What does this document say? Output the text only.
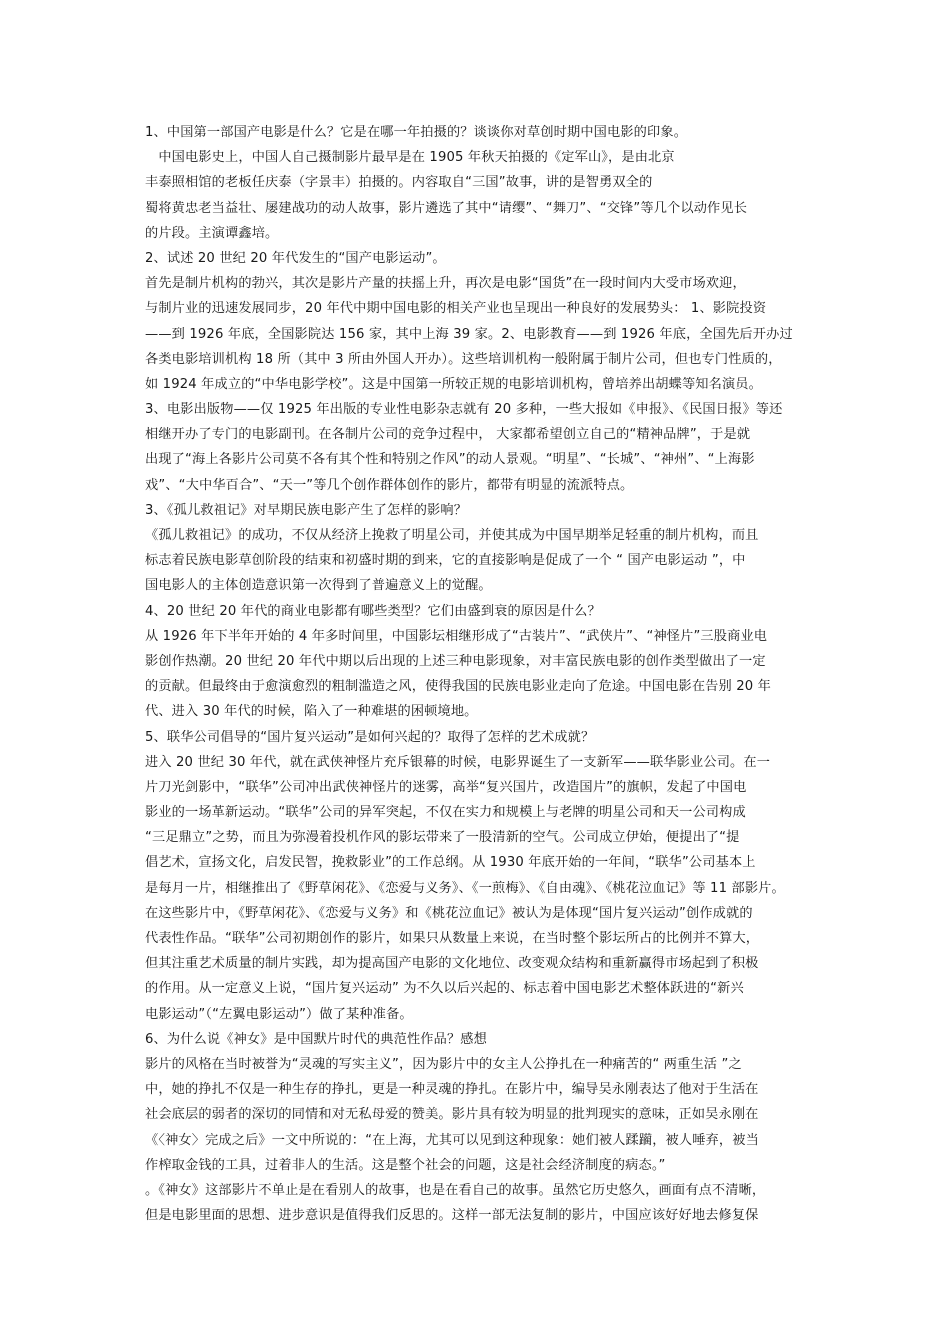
1、中国第一部国产电影是什么？它是在哪一年拍摄的？谈谈你对草创时期中国电影的印象。
　中国电影史上，中国人自己摄制影片最早是在 1905 年秋天拍摄的《定军山》，是由北京
丰泰照相馆的老板任庆泰（字景丰）拍摄的。内容取自“三国”故事，讲的是智勇双全的
蜀将黄忠老当益壮、屡建战功的动人故事，影片遴选了其中“请缨”、“舞刀”、“交锋”等几个以动作见长
的片段。主演谭鑫培。
2、试述 20 世纪 20 年代发生的“国产电影运动”。
首先是制片机构的勃兴，其次是影片产量的扶摇上升，再次是电影“国货”在一段时间内大受市场欢迎，
与制片业的迅速发展同步，20 年代中期中国电影的相关产业也呈现出一种良好的发展势头： 1、影院投资
——到 1926 年底，全国影院达 156 家，其中上海 39 家。2、电影教育——到 1926 年底，全国先后开办过
各类电影培训机构 18 所（其中 3 所由外国人开办）。这些培训机构一般附属于制片公司，但也专门性质的，
如 1924 年成立的“中华电影学校”。这是中国第一所较正规的电影培训机构，曾培养出胡蝶等知名演员。
3、电影出版物——仅 1925 年出版的专业性电影杂志就有 20 多种，一些大报如《申报》、《民国日报》等还
相继开办了专门的电影副刊。在各制片公司的竞争过程中， 大家都希望创立自己的“精神品牌”，于是就
出现了“海上各影片公司莫不各有其个性和特别之作风”的动人景观。“明星”、“长城”、“神州”、“上海影
戏”、“大中华百合”、“天一”等几个创作群体创作的影片，都带有明显的流派特点。
3、《孤儿救祖记》对早期民族电影产生了怎样的影响？
《孤儿救祖记》的成功，不仅从经济上挽救了明星公司，并使其成为中国早期举足轻重的制片机构，而且
标志着民族电影草创阶段的结束和初盛时期的到来，它的直接影响是促成了一个 “ 国产电影运动 ”，中
国电影人的主体创造意识第一次得到了普遍意义上的觉醒。
4、20 世纪 20 年代的商业电影都有哪些类型？它们由盛到衰的原因是什么？
从 1926 年下半年开始的 4 年多时间里，中国影坛相继形成了“古装片”、“武侠片”、“神怪片”三股商业电
影创作热潮。20 世纪 20 年代中期以后出现的上述三种电影现象，对丰富民族电影的创作类型做出了一定
的贡献。但最终由于愈演愈烈的粗制滥造之风，使得我国的民族电影业走向了危途。中国电影在告别 20 年
代、进入 30 年代的时候，陷入了一种难堪的困顿境地。
5、联华公司倡导的“国片复兴运动”是如何兴起的？取得了怎样的艺术成就？
进入 20 世纪 30 年代，就在武侠神怪片充斥银幕的时候，电影界诞生了一支新军——联华影业公司。在一
片刀光剑影中，“联华”公司冲出武侠神怪片的迷雾，高举“复兴国片，改造国片”的旗帜，发起了中国电
影业的一场革新运动。“联华”公司的异军突起，不仅在实力和规模上与老牌的明星公司和天一公司构成
“三足鼎立”之势，而且为弥漫着投机作风的影坛带来了一股清新的空气。公司成立伊始，便提出了“提
倡艺术，宣扬文化，启发民智，挽救影业”的工作总纲。从 1930 年底开始的一年间，“联华”公司基本上
是每月一片，相继推出了《野草闲花》、《恋爱与义务》、《一煎梅》、《自由魂》、《桃花泣血记》等 11 部影片。
在这些影片中，《野草闲花》、《恋爱与义务》和《桃花泣血记》被认为是体现“国片复兴运动”创作成就的
代表性作品。“联华”公司初期创作的影片，如果只从数量上来说，在当时整个影坛所占的比例并不算大，
但其注重艺术质量的制片实践，却为提高国产电影的文化地位、改变观众结构和重新赢得市场起到了积极
的作用。从一定意义上说，“国片复兴运动” 为不久以后兴起的、标志着中国电影艺术整体跃进的“新兴
电影运动”（“左翼电影运动”）做了某种准备。
6、为什么说《神女》是中国默片时代的典范性作品？感想
影片的风格在当时被誉为“灵魂的写实主义”，因为影片中的女主人公挣扎在一种痛苦的“ 两重生活 ”之
中，她的挣扎不仅是一种生存的挣扎，更是一种灵魂的挣扎。在影片中，编导吴永刚表达了他对于生活在
社会底层的弱者的深切的同情和对无私母爱的赞美。影片具有较为明显的批判现实的意味，正如吴永刚在
《〈神女〉完成之后》一文中所说的：“在上海，尤其可以见到这种现象：她们被人蹂躏，被人唾弃，被当
作榨取金钱的工具，过着非人的生活。这是整个社会的问题，这是社会经济制度的病态。”
。《神女》这部影片不单止是在看别人的故事，也是在看自己的故事。虽然它历史悠久，画面有点不清晰，
但是电影里面的思想、进步意识是值得我们反思的。这样一部无法复制的影片，中国应该好好地去修复保
